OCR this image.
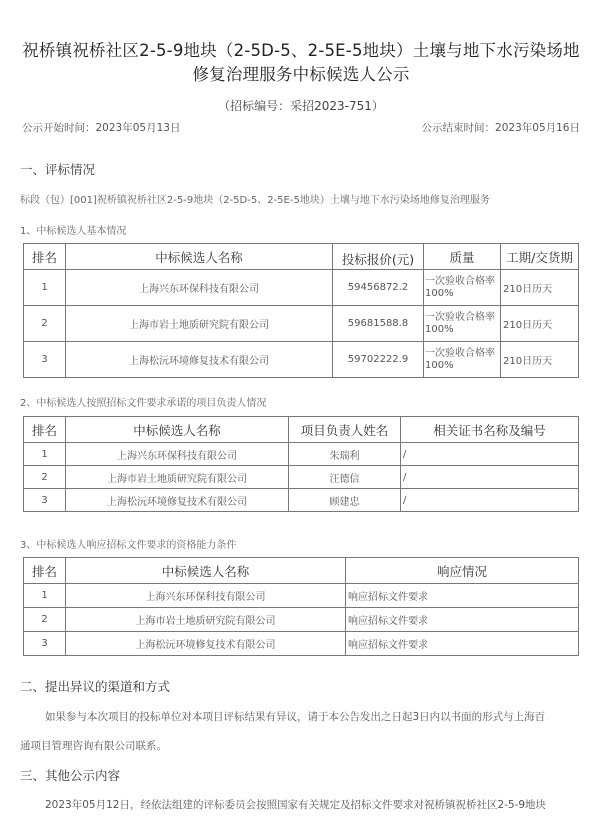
祝桥镇祝桥社区2-5-9地块（2-5D-5、2-5E-5地块）土壤与地下水污染场地
修复治理服务中标候选人公示
（招标编号：采招2023-751）
公示开始时间：2023年05月13日	公示结束时间：2023年05月16日
一、评标情况
标段（包）[001]祝桥镇祝桥社区2-5-9地块（2-5D-5、2-5E-5地块）土壤与地下水污染场地修复治理服务
1、中标候选人基本情况
排名	中标候选人名称	投标报价(元)	质量	工期/交货期
1	上海兴东环保科技有限公司	59456872.2	一次验收合格率100%	210日历天
2	上海市岩土地质研究院有限公司	59681588.8	一次验收合格率100%	210日历天
3	上海松沅环境修复技术有限公司	59702222.9	一次验收合格率100%	210日历天
2、中标候选人按照招标文件要求承诺的项目负责人情况
排名	中标候选人名称	项目负责人姓名	相关证书名称及编号
1	上海兴东环保科技有限公司	朱瑞利	/
2	上海市岩土地质研究院有限公司	汪德信	/
3	上海松沅环境修复技术有限公司	顾建忠	/
3、中标候选人响应招标文件要求的资格能力条件
排名	中标候选人名称	响应情况
1	上海兴东环保科技有限公司	响应招标文件要求
2	上海市岩土地质研究院有限公司	响应招标文件要求
3	上海松沅环境修复技术有限公司	响应招标文件要求
二、提出异议的渠道和方式
如果参与本次项目的投标单位对本项目评标结果有异议，请于本公告发出之日起3日内以书面的形式与上海百
通项目管理咨询有限公司联系。
三、其他公示内容
2023年05月12日，经依法组建的评标委员会按照国家有关规定及招标文件要求对祝桥镇祝桥社区2-5-9地块
